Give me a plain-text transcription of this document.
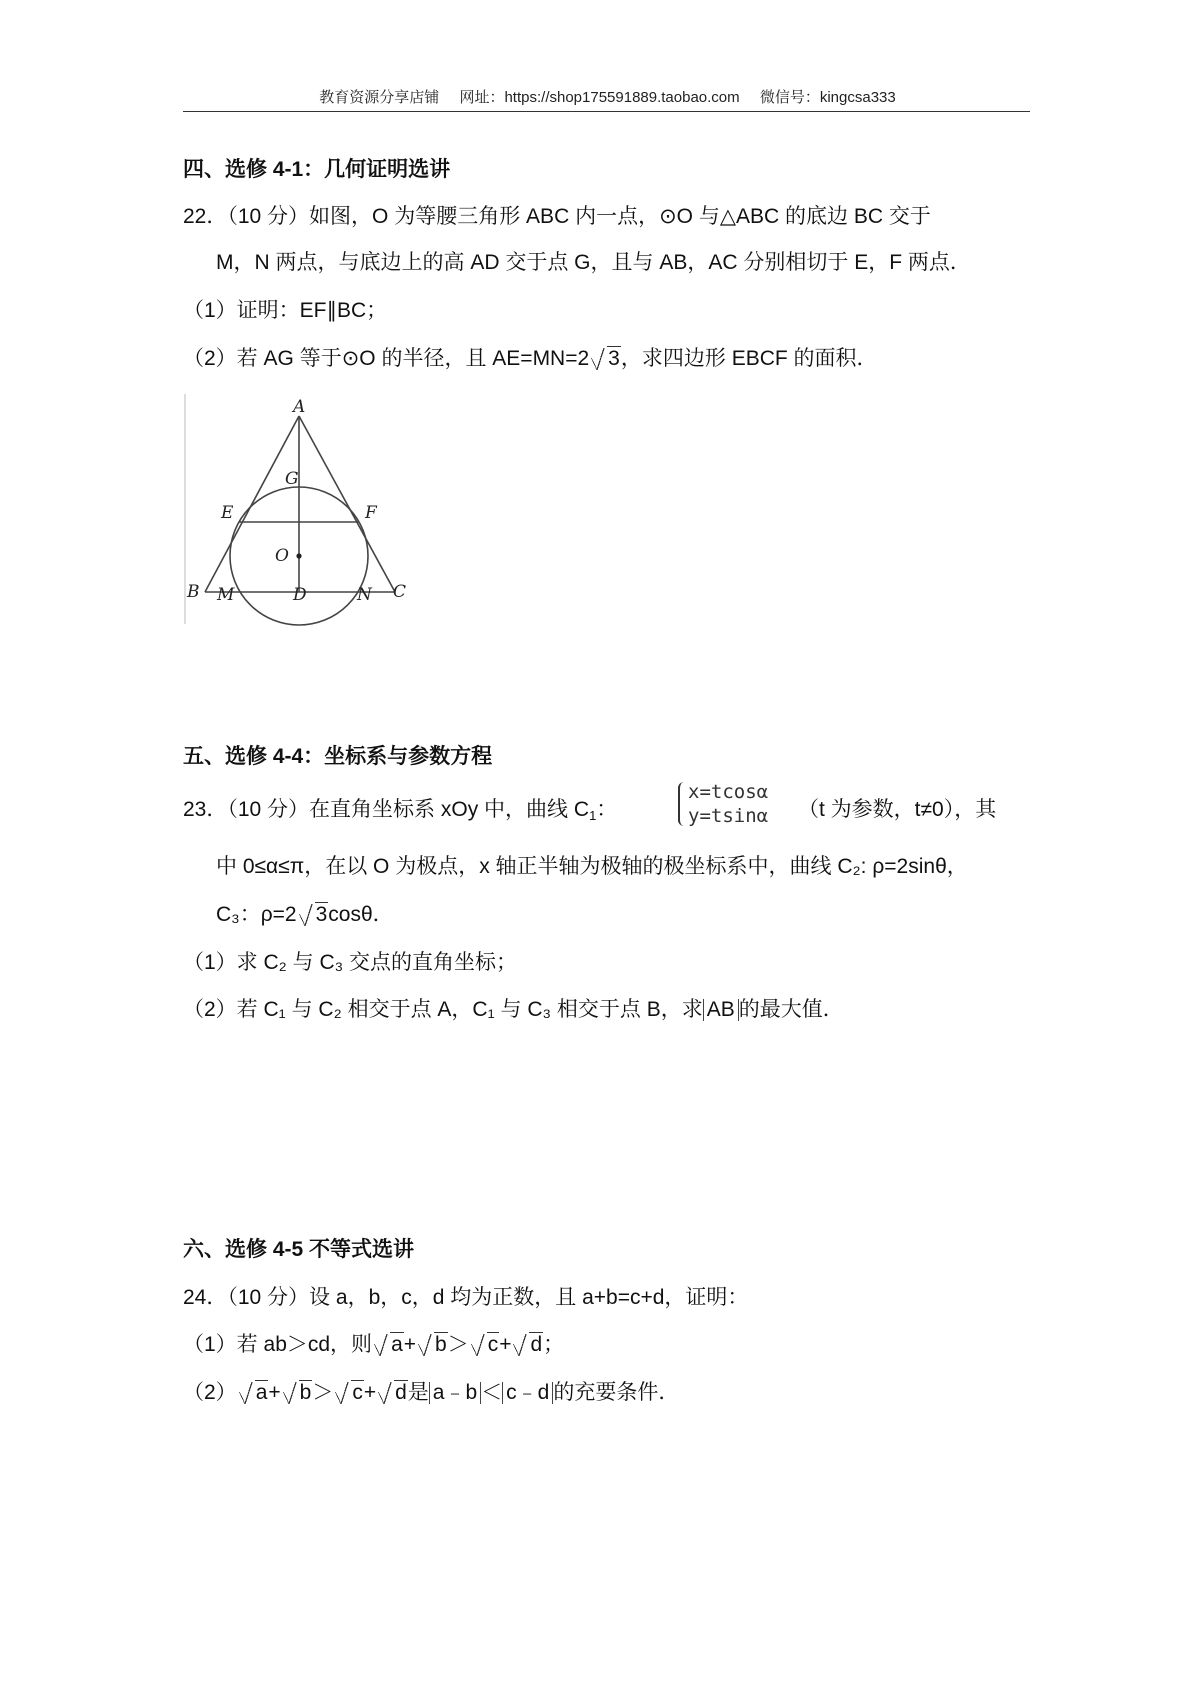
教育资源分享店铺 网址：https://shop175591889.taobao.com 微信号：kingcsa333
四、选修 4-1：几何证明选讲
22．（10 分）如图，O 为等腰三角形 ABC 内一点，⊙O 与△ABC 的底边 BC 交于
M，N 两点，与底边上的高 AD 交于点 G，且与 AB，AC 分别相切于 E，F 两点．
（1）证明：EF∥BC；
（2）若 AG 等于⊙O 的半径，且 AE=MN=2 3，求四边形 EBCF 的面积．
A
G
E	F
O
B M	D	N C
五、选修 4-4：坐标系与参数方程
23．（10 分）在直角坐标系 xOy 中，曲线 $C_1$：
x=tcosα
y=tsinα （t 为参数，t≠0），其
中 0≤α≤π，在以 O 为极点，x 轴正半轴为极轴的极坐标系中，曲线 C₂: ρ=2sinθ，
C₃：ρ=2 3cosθ．
（1）求 C₂ 与 C₃ 交点的直角坐标；
（2）若 C₁ 与 C₂ 相交于点 A，C₁ 与 C₃ 相交于点 B，求 AB 的最大值．
六、选修 4-5 不等式选讲
24．（10 分）设 a，b，c，d 均为正数，且 a+b=c+d，证明：
（1）若 ab＞cd，则 a+ b＞ c+ d；
（2） a+ b＞ c+ d是 a﹣b ＜ c﹣d 的充要条件．
